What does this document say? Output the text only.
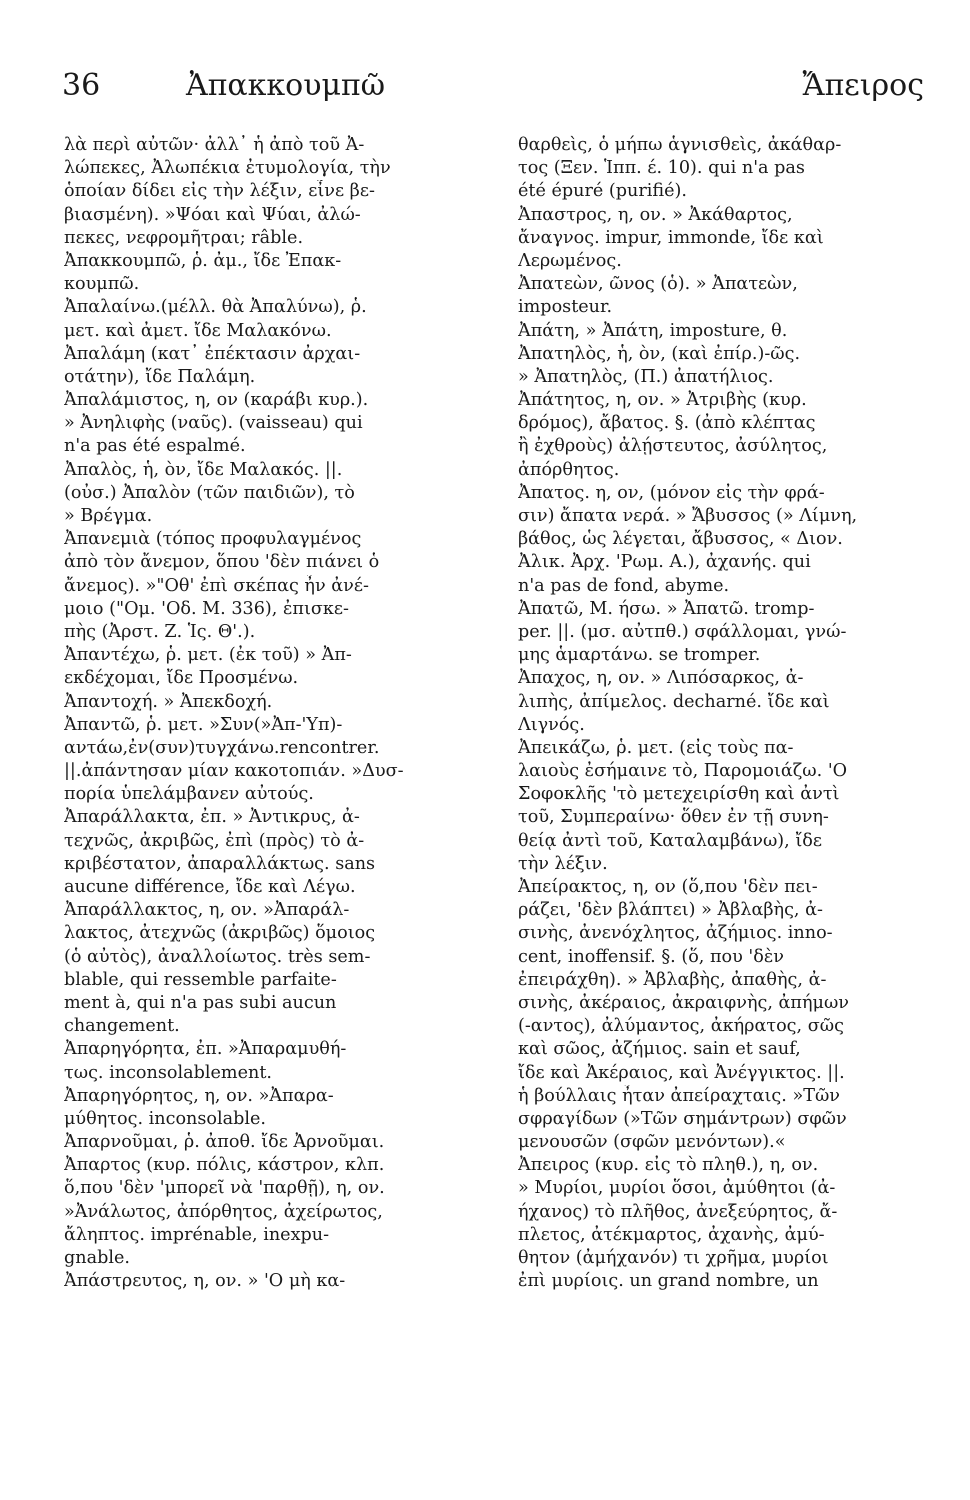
36	Ἀπακκουμπῶ	Ἄπειρος
λὰ περὶ αὐτῶν· ἀλλ᾽ ἡ ἀπὸ τοῦ Ἀ-
λώπεκες, Ἀλωπέκια ἐτυμολογία, τὴν
ὁποίαν δίδει εἰς τὴν λέξιν, εἶνε βε-
βιασμένη). »Ψόαι καὶ Ψύαι, ἀλώ-
πεκες, νεφρομῆτραι; râble.
Ἀπακκουμπῶ, ῥ. ἀμ., ἴδε Ἐπακ-
κουμπῶ.
Ἀπαλαίνω.(μέλλ. θὰ Ἀπαλύνω), ῥ.
μετ. καὶ ἀμετ. ἴδε Μαλακόνω.
Ἀπαλάμη (κατ᾽ ἐπέκτασιν ἀρχαι-
οτάτην), ἴδε Παλάμη.
Ἀπαλάμιστος, η, ον (καράβι κυρ.).
» Ἀνηλιφὴς (ναῦς). (vaisseau) qui
n'a pas été espalmé.
Ἀπαλὸς, ἡ, ὸν, ἴδε Μαλακός. ||.
(οὐσ.) Ἀπαλὸν (τῶν παιδιῶν), τὸ
» Βρέγμα.
Ἀπανεμιὰ (τόπος προφυλαγμένος
ἀπὸ τὸν ἄνεμον, ὅπου 'δὲν πιάνει ὁ
ἄνεμος). »"Οθ' ἐπὶ σκέπας ἦν ἀνέ-
μοιο ("Ομ. 'Οδ. Μ. 336), ἐπισκε-
πὴς (Ἀρστ. Ζ. Ἱς. Θ'.).
Ἀπαντέχω, ῥ. μετ. (ἐκ τοῦ) » Ἀπ-
εκδέχομαι, ἴδε Προσμένω.
Ἀπαντοχή. » Ἀπεκδοχή.
Ἀπαντῶ, ῥ. μετ. »Συν(»Ἀπ-'Υπ)-
αντάω,ἐν(συν)τυγχάνω.rencontrer.
||.ἀπάντησαν μίαν κακοτοπιάν. »Δυσ-
πορία ὑπελάμβανεν αὐτούς.
Ἀπαράλλακτα, ἐπ. » Ἀντικρυς, ἀ-
τεχνῶς, ἀκριβῶς, ἐπὶ (πρὸς) τὸ ἀ-
κριβέστατον, ἀπαραλλάκτως. sans
aucune différence, ἴδε καὶ Λέγω.
Ἀπαράλλακτος, η, ον. »Ἀπαράλ-
λακτος, ἀτεχνῶς (ἀκριβῶς) ὅμοιος
(ὁ αὐτὸς), ἀναλλοίωτος. très sem-
blable, qui ressemble parfaite-
ment à, qui n'a pas subi aucun
changement.
Ἀπαρηγόρητα, ἐπ. »Ἀπαραμυθή-
τως. inconsolablement.
Ἀπαρηγόρητος, η, ον. »Ἀπαρα-
μύθητος. inconsolable.
Ἀπαρνοῦμαι, ῥ. ἀποθ. ἴδε Ἀρνοῦμαι.
Ἀπαρτος (κυρ. πόλις, κάστρον, κλπ.
ὅ,που 'δὲν 'μπορεῖ νὰ 'παρθῇ), η, ον.
»Ἀνάλωτος, ἀπόρθητος, ἀχείρωτος,
ἄληπτος. imprénable, inexpu-
gnable.
Ἀπάστρευτος, η, ον. » 'Ο μὴ κα-
θαρθεὶς, ὁ μήπω ἁγνισθεὶς, ἀκάθαρ-
τος (Ξεν. Ἱππ. έ. 10). qui n'a pas
été épuré (purifié).
Ἀπαστρος, η, ον. » Ἀκάθαρτος,
ἄναγνος. impur, immonde, ἴδε καὶ
Λερωμένος.
Ἀπατεὼν, ῶνος (ὁ). » Ἀπατεὼν,
imposteur.
Ἀπάτη, » Ἀπάτη, imposture, θ.
Ἀπατηλὸς, ἡ, ὸν, (καὶ ἐπίρ.)-ῶς.
» Ἀπατηλὸς, (Π.) ἀπατήλιος.
Ἀπάτητος, η, ον. » Ἀτριβὴς (κυρ.
δρόμος), ἄβατος. §. (ἀπὸ κλέπτας
ἢ ἐχθροὺς) ἀλῄστευτος, ἀσύλητος,
ἀπόρθητος.
Ἀπατος. η, ον, (μόνον εἰς τὴν φρά-
σιν) ἄπατα νερά. » Ἄβυσσος (» Λίμνη,
βάθος, ὡς λέγεται, ἄβυσσος, « Διον.
Ἀλικ. Ἀρχ. 'Ρωμ. Α.), ἀχανής. qui
n'a pas de fond, abyme.
Ἀπατῶ, Μ. ήσω. » Ἀπατῶ. tromp-
per. ||. (μσ. αὐτπθ.) σφάλλομαι, γνώ-
μης ἁμαρτάνω. se tromper.
Ἀπαχος, η, ον. » Λιπόσαρκος, ἀ-
λιπὴς, ἀπίμελος. decharné. ἴδε καὶ
Λιγνός.
Ἀπεικάζω, ῥ. μετ. (εἰς τοὺς πα-
λαιοὺς ἐσήμαινε τὸ, Παρομοιάζω. 'Ο
Σοφοκλῆς 'τὸ μετεχειρίσθη καὶ ἀντὶ
τοῦ, Συμπεραίνω· ὅθεν ἐν τῇ συνη-
θείᾳ ἀντὶ τοῦ, Καταλαμβάνω), ἴδε
τὴν λέξιν.
Ἀπείρακτος, η, ον (ὅ,που 'δὲν πει-
ράζει, 'δὲν βλάπτει) » Ἀβλαβὴς, ἀ-
σινὴς, ἀνενόχλητος, ἀζήμιος. inno-
cent, inoffensif. §. (ὅ, που 'δὲν
ἐπειράχθη). » Ἀβλαβὴς, ἀπαθὴς, ἀ-
σινὴς, ἀκέραιος, ἀκραιφνὴς, ἀπήμων
(-αντος), ἀλύμαντος, ἀκήρατος, σῶς
καὶ σῶος, ἀζήμιος. sain et sauf,
ἴδε καὶ Ἀκέραιος, καὶ Ἀνέγγικτος. ||.
ἡ βούλλαις ἦταν ἀπείραχταις. »Τῶν
σφραγίδων (»Τῶν σημάντρων) σφῶν
μενουσῶν (σφῶν μενόντων).«
Ἀπειρος (κυρ. εἰς τὸ πληθ.), η, ον.
» Μυρίοι, μυρίοι ὅσοι, ἀμύθητοι (ἀ-
ήχανος) τὸ πλῆθος, ἀνεξεύρητος, ἄ-
πλετος, ἀτέκμαρτος, ἀχανὴς, ἀμύ-
θητον (ἀμήχανόν) τι χρῆμα, μυρίοι
ἐπὶ μυρίοις. un grand nombre, un
